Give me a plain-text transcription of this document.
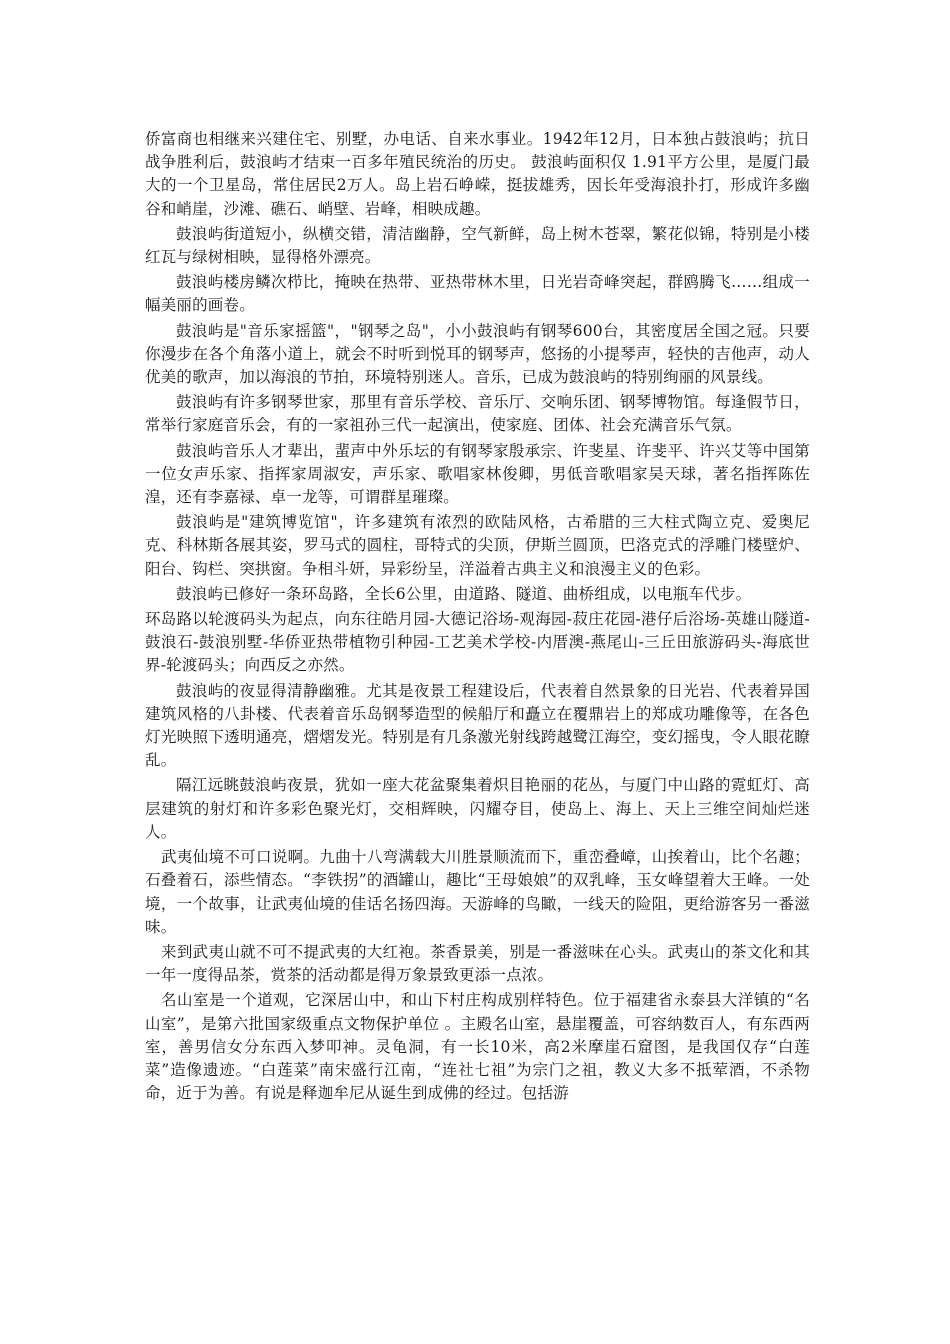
侨富商也相继来兴建住宅、别墅，办电话、自来水事业。1942年12月，日本独占鼓浪屿；抗日战争胜利后，鼓浪屿才结束一百多年殖民统治的历史。 鼓浪屿面积仅 1.91平方公里，是厦门最大的一个卫星岛，常住居民2万人。岛上岩石峥嵘，挺拔雄秀，因长年受海浪扑打，形成许多幽谷和峭崖，沙滩、礁石、峭壁、岩峰，相映成趣。

鼓浪屿街道短小，纵横交错，清洁幽静，空气新鲜，岛上树木苍翠，繁花似锦，特别是小楼红瓦与绿树相映，显得格外漂亮。

鼓浪屿楼房鳞次栉比，掩映在热带、亚热带林木里，日光岩奇峰突起，群鸥腾飞……组成一幅美丽的画卷。

鼓浪屿是"音乐家摇篮"，"钢琴之岛"，小小鼓浪屿有钢琴600台，其密度居全国之冠。只要你漫步在各个角落小道上，就会不时听到悦耳的钢琴声，悠扬的小提琴声，轻快的吉他声，动人优美的歌声，加以海浪的节拍，环境特别迷人。音乐，已成为鼓浪屿的特别绚丽的风景线。

鼓浪屿有许多钢琴世家，那里有音乐学校、音乐厅、交响乐团、钢琴博物馆。每逢假节日，常举行家庭音乐会，有的一家祖孙三代一起演出，使家庭、团体、社会充满音乐气氛。

鼓浪屿音乐人才辈出，蜚声中外乐坛的有钢琴家殷承宗、许斐星、许斐平、许兴艾等中国第一位女声乐家、指挥家周淑安，声乐家、歌唱家林俊卿，男低音歌唱家吴天球，著名指挥陈佐湟，还有李嘉禄、卓一龙等，可谓群星璀璨。

鼓浪屿是"建筑博览馆"，许多建筑有浓烈的欧陆风格，古希腊的三大柱式陶立克、爱奥尼克、科林斯各展其姿，罗马式的圆柱，哥特式的尖顶，伊斯兰圆顶，巴洛克式的浮雕门楼壁炉、阳台、钩栏、突拱窗。争相斗妍，异彩纷呈，洋溢着古典主义和浪漫主义的色彩。

鼓浪屿已修好一条环岛路，全长6公里，由道路、隧道、曲桥组成，以电瓶车代步。

环岛路以轮渡码头为起点，向东往皓月园-大德记浴场-观海园-菽庄花园-港仔后浴场-英雄山隧道-鼓浪石-鼓浪别墅-华侨亚热带植物引种园-工艺美术学校-内厝澳-燕尾山-三丘田旅游码头-海底世界-轮渡码头；向西反之亦然。

鼓浪屿的夜显得清静幽雅。尤其是夜景工程建设后，代表着自然景象的日光岩、代表着异国建筑风格的八卦楼、代表着音乐岛钢琴造型的候船厅和矗立在覆鼎岩上的郑成功雕像等，在各色灯光映照下透明通亮，熠熠发光。特别是有几条激光射线跨越鹭江海空，变幻摇曳，令人眼花瞭乱。

隔江远眺鼓浪屿夜景，犹如一座大花盆聚集着炽目艳丽的花丛，与厦门中山路的霓虹灯、高层建筑的射灯和许多彩色聚光灯，交相辉映，闪耀夺目，使岛上、海上、天上三维空间灿烂迷人。

武夷仙境不可口说啊。九曲十八弯满载大川胜景顺流而下，重峦叠嶂，山挨着山，比个名趣；石叠着石，添些情态。“李铁拐”的酒罐山，趣比“王母娘娘”的双乳峰，玉女峰望着大王峰。一处境，一个故事，让武夷仙境的佳话名扬四海。天游峰的鸟瞰，一线天的险阻，更给游客另一番滋味。

来到武夷山就不可不提武夷的大红袍。茶香景美，别是一番滋味在心头。武夷山的茶文化和其一年一度得品茶，赏茶的活动都是得万象景致更添一点浓。

名山室是一个道观，它深居山中，和山下村庄构成别样特色。位于福建省永泰县大洋镇的“名山室”，是第六批国家级重点文物保护单位 。主殿名山室，悬崖覆盖，可容纳数百人，有东西两室，善男信女分东西入梦叩神。灵龟洞，有一长10米，高2米摩崖石窟图，是我国仅存“白莲菜”造像遗迹。“白莲菜”南宋盛行江南，“连社七祖”为宗门之祖，教义大多不抵荤酒，不杀物命，近于为善。有说是释迦牟尼从诞生到成佛的经过。包括游
